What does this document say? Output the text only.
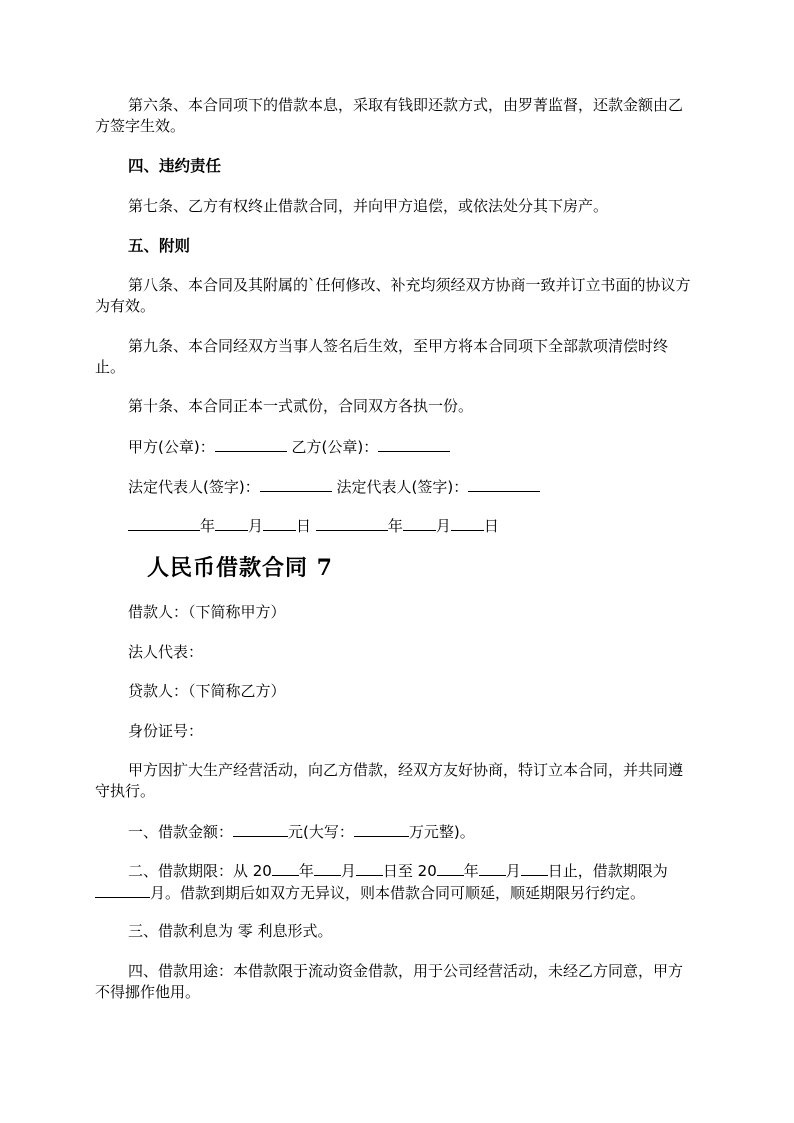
第六条、本合同项下的借款本息，采取有钱即还款方式，由罗菁监督，还款金额由乙方签字生效。

四、违约责任

第七条、乙方有权终止借款合同，并向甲方追偿，或依法处分其下房产。

五、附则

第八条、本合同及其附属的`任何修改、补充均须经双方协商一致并订立书面的协议方为有效。

第九条、本合同经双方当事人签名后生效，至甲方将本合同项下全部款项清偿时终止。

第十条、本合同正本一式贰份，合同双方各执一份。

甲方(公章)：	乙方(公章)：

法定代表人(签字)：	法定代表人(签字)：

年 月 日	年 月 日

人民币借款合同 7

借款人：（下简称甲方）

法人代表：

贷款人：（下简称乙方）

身份证号：

甲方因扩大生产经营活动，向乙方借款，经双方友好协商，特订立本合同，并共同遵守执行。

一、借款金额：	元(大写：	万元整)。

二、借款期限：从 20 年 月 日至 20 年 月 日止，借款期限为
月。借款到期后如双方无异议，则本借款合同可顺延，顺延期限另行约定。

三、借款利息为 零 利息形式。

四、借款用途：本借款限于流动资金借款，用于公司经营活动，未经乙方同意，甲方不得挪作他用。
